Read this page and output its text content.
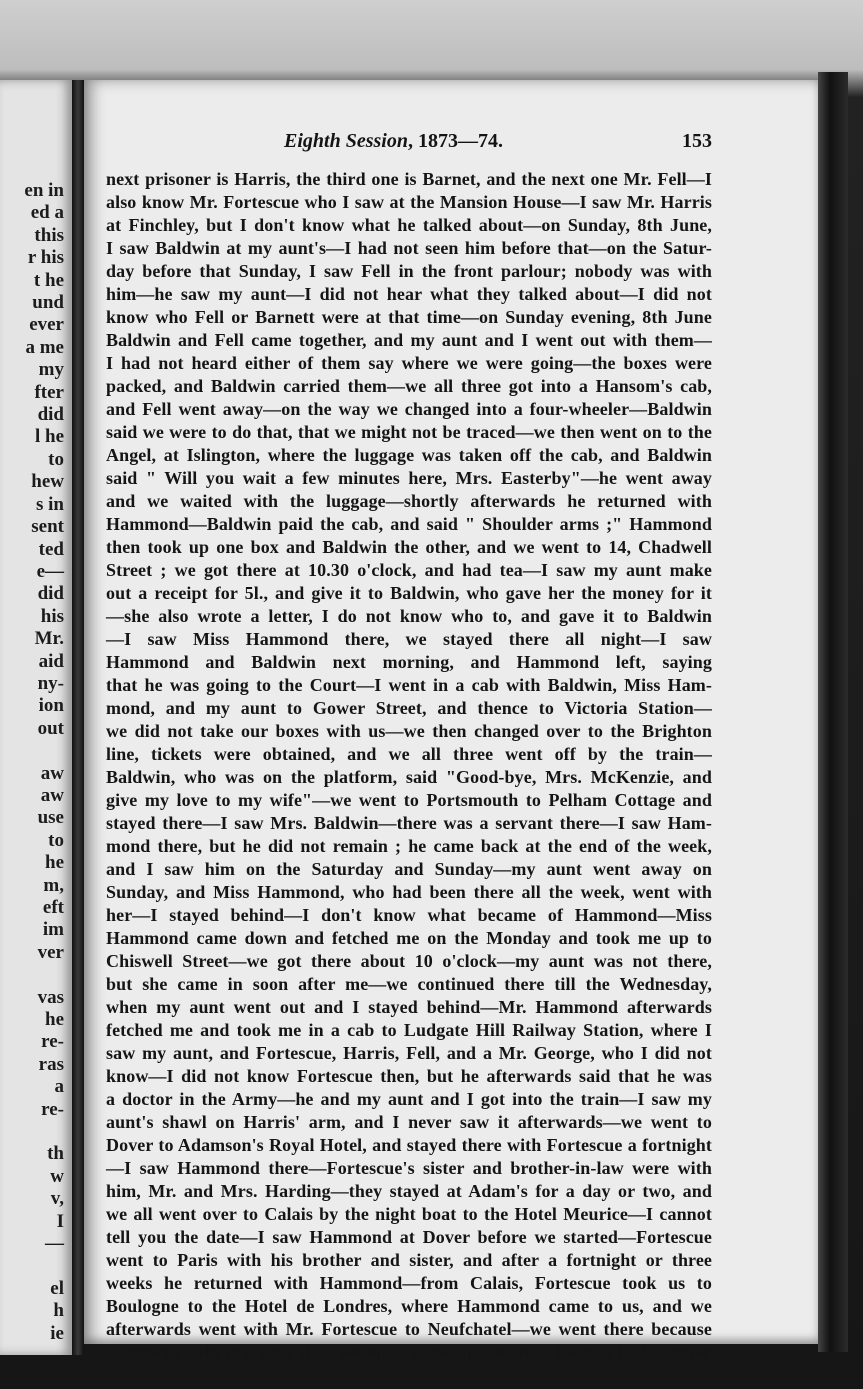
en in
ed a
this
r his
t he
und
ever
a me
my
fter
did
l he
to
hew
s in
sent
ted
e—
did
his
Mr.
aid
ny-
ion
out

aw
aw
use
to
he
m,
eft
im
ver

vas
he
re-
ras
a
re-

th
w
v,
I
—

el
h
ie
Eighth Session, 1873—74.	153
next prisoner is Harris, the third one is Barnet, and the next one Mr. Fell—I
also know Mr. Fortescue who I saw at the Mansion House—I saw Mr. Harris
at Finchley, but I don't know what he talked about—on Sunday, 8th June,
I saw Baldwin at my aunt's—I had not seen him before that—on the Satur-
day before that Sunday, I saw Fell in the front parlour; nobody was with
him—he saw my aunt—I did not hear what they talked about—I did not
know who Fell or Barnett were at that time—on Sunday evening, 8th June
Baldwin and Fell came together, and my aunt and I went out with them—
I had not heard either of them say where we were going—the boxes were
packed, and Baldwin carried them—we all three got into a Hansom's cab,
and Fell went away—on the way we changed into a four-wheeler—Baldwin
said we were to do that, that we might not be traced—we then went on to the
Angel, at Islington, where the luggage was taken off the cab, and Baldwin
said " Will you wait a few minutes here, Mrs. Easterby"—he went away
and we waited with the luggage—shortly afterwards he returned with
Hammond—Baldwin paid the cab, and said " Shoulder arms ;" Hammond
then took up one box and Baldwin the other, and we went to 14, Chadwell
Street ; we got there at 10.30 o'clock, and had tea—I saw my aunt make
out a receipt for 5l., and give it to Baldwin, who gave her the money for it
—she also wrote a letter, I do not know who to, and gave it to Baldwin
—I saw Miss Hammond there, we stayed there all night—I saw
Hammond and Baldwin next morning, and Hammond left, saying
that he was going to the Court—I went in a cab with Baldwin, Miss Ham-
mond, and my aunt to Gower Street, and thence to Victoria Station—
we did not take our boxes with us—we then changed over to the Brighton
line, tickets were obtained, and we all three went off by the train—
Baldwin, who was on the platform, said "Good-bye, Mrs. McKenzie, and
give my love to my wife"—we went to Portsmouth to Pelham Cottage and
stayed there—I saw Mrs. Baldwin—there was a servant there—I saw Ham-
mond there, but he did not remain ; he came back at the end of the week,
and I saw him on the Saturday and Sunday—my aunt went away on
Sunday, and Miss Hammond, who had been there all the week, went with
her—I stayed behind—I don't know what became of Hammond—Miss
Hammond came down and fetched me on the Monday and took me up to
Chiswell Street—we got there about 10 o'clock—my aunt was not there,
but she came in soon after me—we continued there till the Wednesday,
when my aunt went out and I stayed behind—Mr. Hammond afterwards
fetched me and took me in a cab to Ludgate Hill Railway Station, where I
saw my aunt, and Fortescue, Harris, Fell, and a Mr. George, who I did not
know—I did not know Fortescue then, but he afterwards said that he was
a doctor in the Army—he and my aunt and I got into the train—I saw my
aunt's shawl on Harris' arm, and I never saw it afterwards—we went to
Dover to Adamson's Royal Hotel, and stayed there with Fortescue a fortnight
—I saw Hammond there—Fortescue's sister and brother-in-law were with
him, Mr. and Mrs. Harding—they stayed at Adam's for a day or two, and
we all went over to Calais by the night boat to the Hotel Meurice—I cannot
tell you the date—I saw Hammond at Dover before we started—Fortescue
went to Paris with his brother and sister, and after a fortnight or three
weeks he returned with Hammond—from Calais, Fortescue took us to
Boulogne to the Hotel de Londres, where Hammond came to us, and we
afterwards went with Mr. Fortescue to Neufchatel—we went there because
Fortescue told my aunt that we must pack up, because he had had a letter
